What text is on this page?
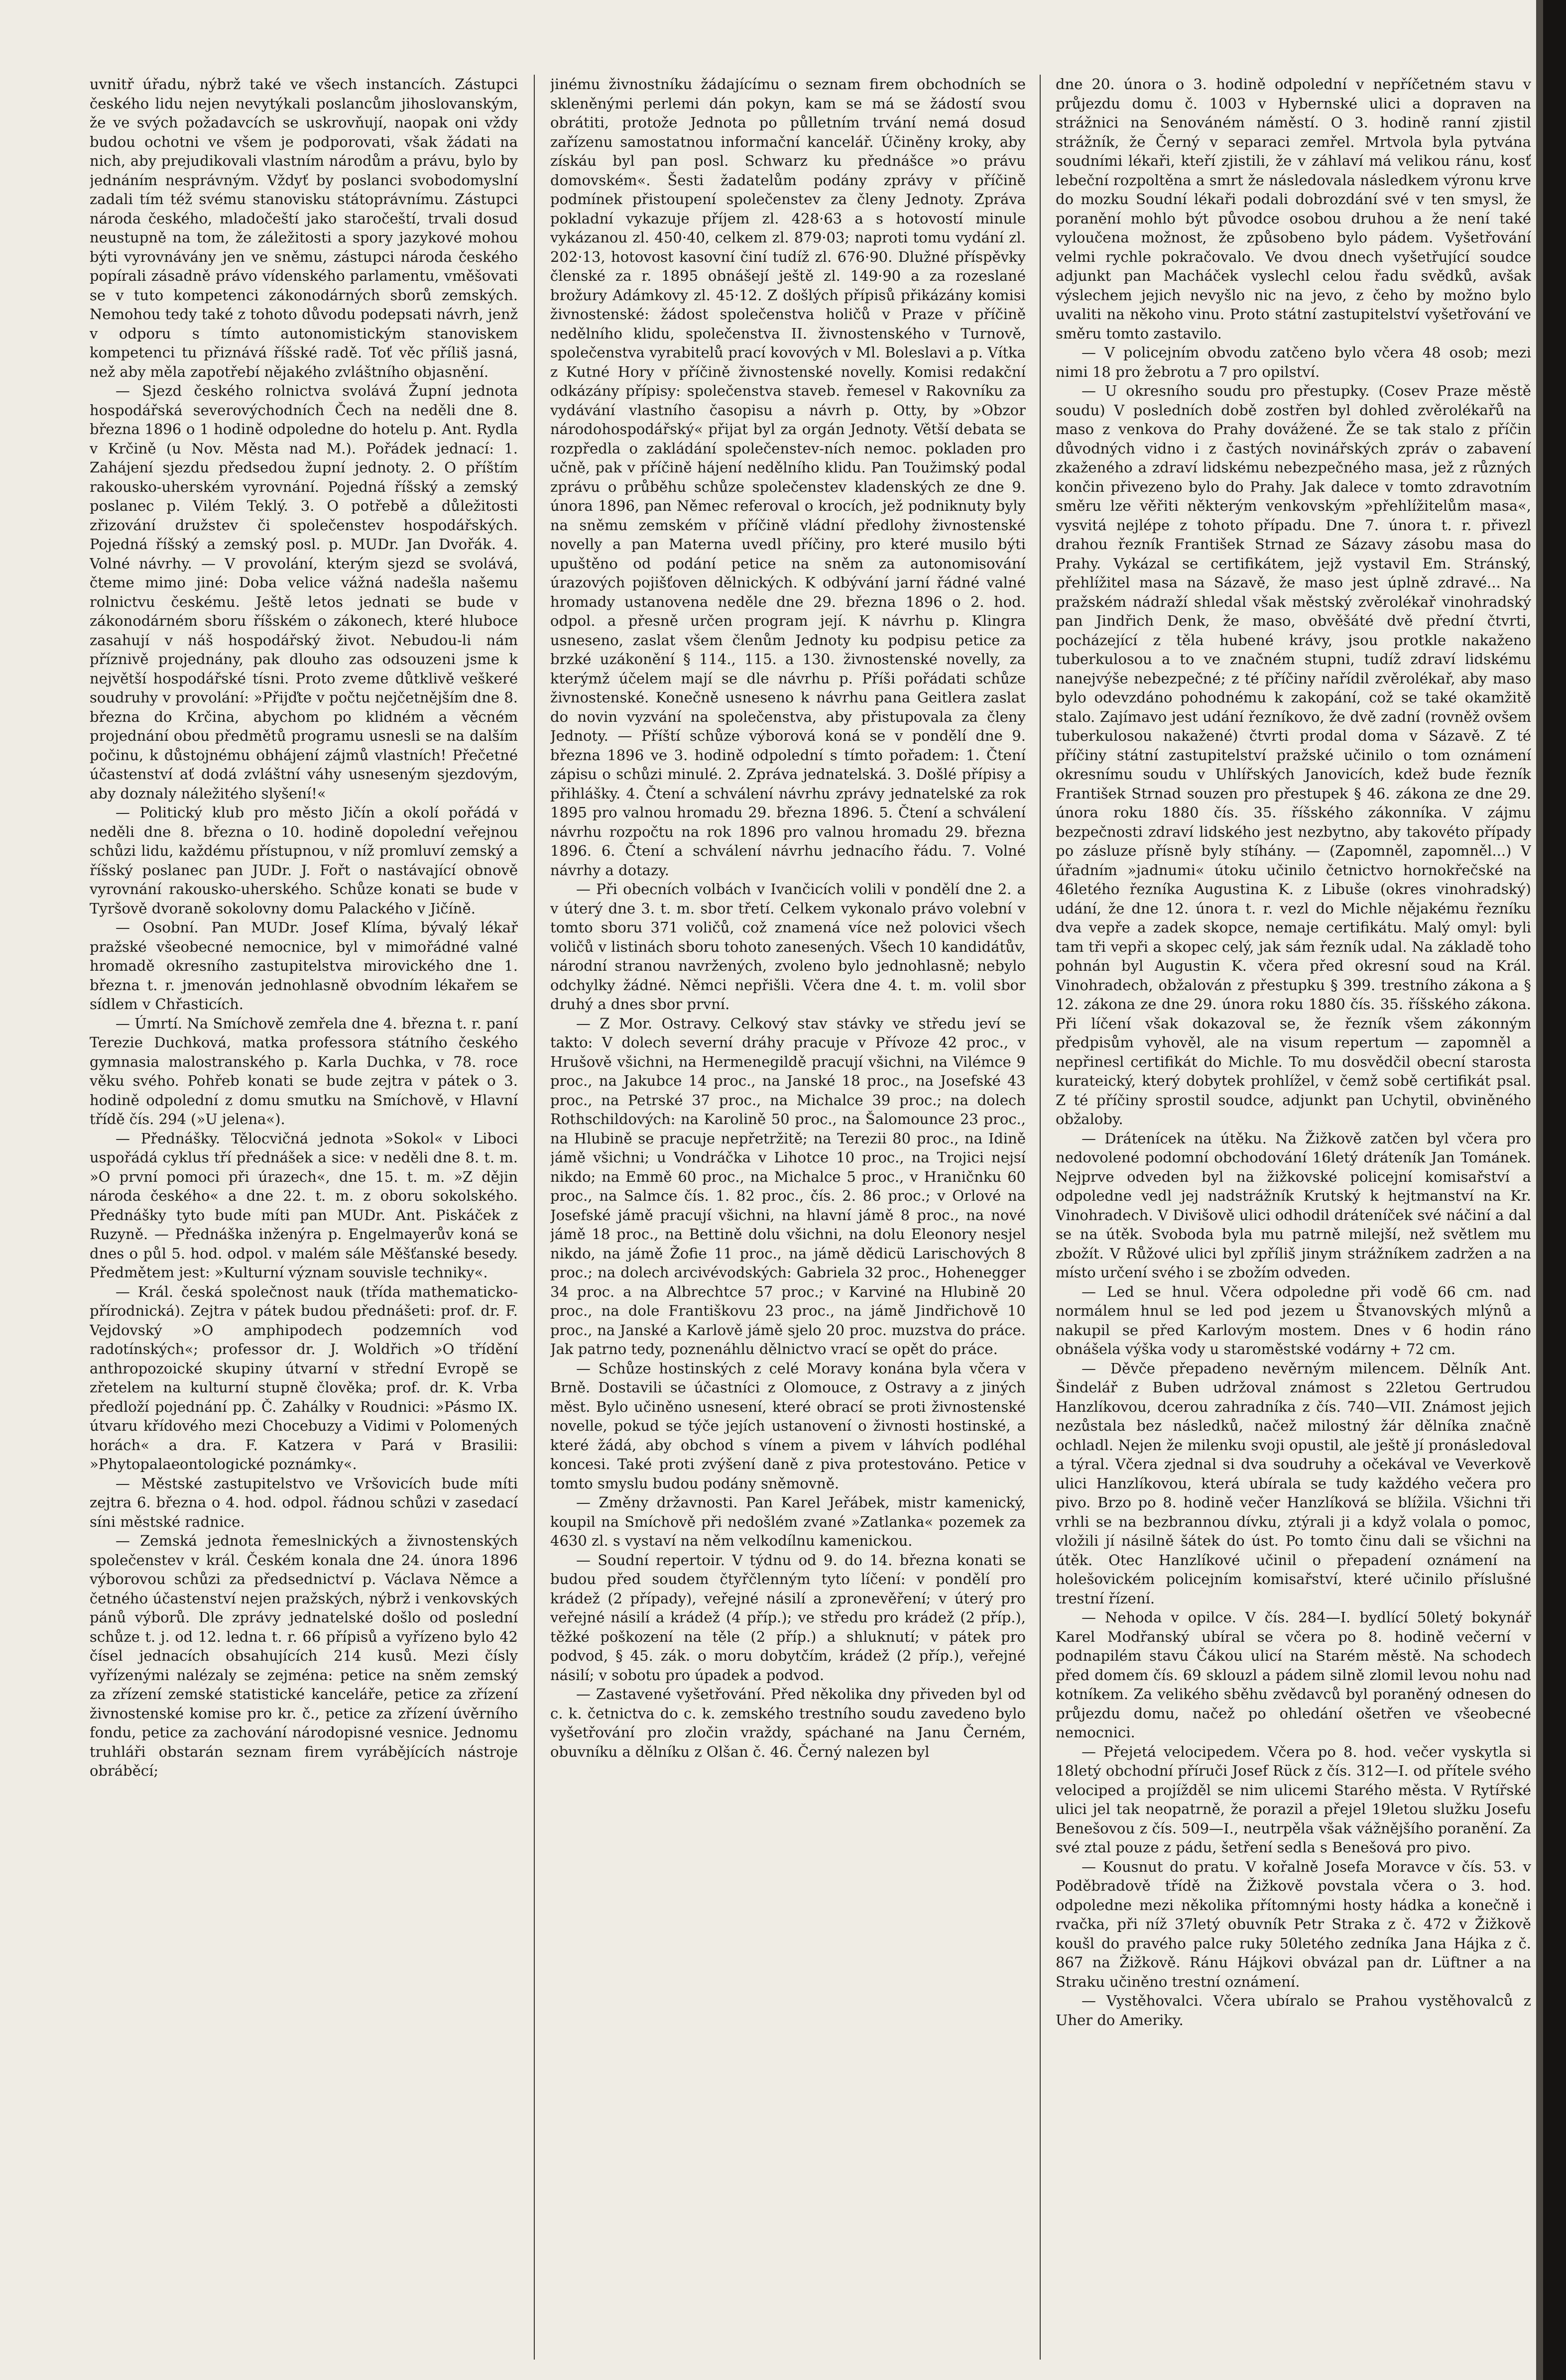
uvnitř úřadu, nýbrž také ve všech instancích. Zástupci českého lidu nejen nevytýkali poslancům jihoslovanským, že ve svých požadavcích se uskrovňují, naopak oni vždy budou ochotni ve všem je podporovati, však žádati na nich, aby prejudikovali vlastním národům a právu, bylo by jednáním nesprávným. Vždyť by poslanci svobodomyslní zadali tím též svému stanovisku státoprávnímu. Zástupci národa českého, mladočeští jako staročeští, trvali dosud neustupně na tom, že záležitosti a spory jazykové mohou býti vyrovnávány jen ve sněmu, zástupci národa českého popírali zásadně právo vídenského parlamentu, vměšovati se v tuto kompetenci zákonodárných sborů zemských. Nemohou tedy také z tohoto důvodu podepsati návrh, jenž v odporu s tímto autonomistickým stanoviskem kompetenci tu přiznává říšské radě. Toť věc příliš jasná, než aby měla zapotřebí nějakého zvláštního objasnění.

— Sjezd českého rolnictva svolává Župní jednota hospodářská severovýchodních Čech na neděli dne 8. března 1896 o 1 hodině odpoledne do hotelu p. Ant. Rydla v Krčině (u Nov. Města nad M.). Pořádek jednací: 1. Zahájení sjezdu předsedou župní jednoty. 2. O příštím rakousko-uherském vyrovnání. Pojedná říšský a zemský poslanec p. Vilém Teklý. 3. O potřebě a důležitosti zřizování družstev či společenstev hospodářských. Pojedná říšský a zemský posl. p. MUDr. Jan Dvořák. 4. Volné návrhy. — V provolání, kterým sjezd se svolává, čteme mimo jiné: Doba velice vážná nadešla našemu rolnictvu českému. Ještě letos jednati se bude v zákonodárném sboru říšském o zákonech, které hluboce zasahují v náš hospodářský život. Nebudou-li nám příznivě projednány, pak dlouho zas odsouzeni jsme k největší hospodářské tísni. Proto zveme důtklivě veškeré soudruhy v provolání: »Přijďte v počtu nejčetnějším dne 8. března do Krčina, abychom po klidném a věcném projednání obou předmětů programu usnesli se na dalším počinu, k důstojnému obhájení zájmů vlastních! Přečetné účastenství ať dodá zvláštní váhy usneseným sjezdovým, aby doznaly náležitého slyšení!«

— Politický klub pro město Jičín a okolí pořádá v neděli dne 8. března o 10. hodině dopolední veřejnou schůzi lidu, každému přístupnou, v níž promluví zemský a říšský poslanec pan JUDr. J. Fořt o nastávající obnově vyrovnání rakousko-uherského. Schůze konati se bude v Tyršově dvoraně sokolovny domu Palackého v Jičíně.

— Osobní. Pan MUDr. Josef Klíma, bývalý lékař pražské všeobecné nemocnice, byl v mimořádné valné hromadě okresního zastupitelstva mirovického dne 1. března t. r. jmenován jednohlasně obvodním lékařem se sídlem v Chřasticích.

— Úmrtí. Na Smíchově zemřela dne 4. března t. r. paní Terezie Duchková, matka professora státního českého gymnasia malostranského p. Karla Duchka, v 78. roce věku svého. Pohřeb konati se bude zejtra v pátek o 3. hodině odpolední z domu smutku na Smíchově, v Hlavní třídě čís. 294 (»U jelena«).

— Přednášky. Tělocvičná jednota »Sokol« v Liboci uspořádá cyklus tří přednášek a sice: v neděli dne 8. t. m. »O první pomoci při úrazech«, dne 15. t. m. »Z dějin národa českého« a dne 22. t. m. z oboru sokolského. Přednášky tyto bude míti pan MUDr. Ant. Piskáček z Ruzyně. — Přednáška inženýra p. Engelmayerův koná se dnes o půl 5. hod. odpol. v malém sále Měšťanské besedy. Předmětem jest: »Kulturní význam souvisle techniky«.

— Král. česká společnost nauk (třída mathematicko-přírodnická). Zejtra v pátek budou přednášeti: prof. dr. F. Vejdovský »O amphipodech podzemních vod radotínských«; professor dr. J. Woldřich »O třídění anthropozoické skupiny útvarní v střední Evropě se zřetelem na kulturní stupně člověka; prof. dr. K. Vrba předloží pojednání pp. Č. Zahálky v Roudnici: »Pásmo IX. útvaru křídového mezi Chocebuzy a Vidimi v Polomených horách« a dra. F. Katzera v Pará v Brasilii: »Phytopalaeontologické poznámky«.

— Městské zastupitelstvo ve Vršovicích bude míti zejtra 6. března o 4. hod. odpol. řádnou schůzi v zasedací síni městské radnice.

— Zemská jednota řemeslnických a živnostenských společenstev v král. Českém konala dne 24. února 1896 výborovou schůzi za předsednictví p. Václava Němce a četného účastenství nejen pražských, nýbrž i venkovských pánů výborů. Dle zprávy jednatelské došlo od poslední schůze t. j. od 12. ledna t. r. 66 přípisů a vyřízeno bylo 42 čísel jednacích obsahujících 214 kusů. Mezi čísly vyřízenými nalézaly se zejména: petice na sněm zemský za zřízení zemské statistické kanceláře, petice za zřízení živnostenské komise pro kr. č., petice za zřízení úvěrního fondu, petice za zachování národopisné vesnice. Jednomu truhláři obstarán seznam firem vyrábějících nástroje obráběcí;

jinému živnostníku žádajícímu o seznam firem obchodních se skleněnými perlemi dán pokyn, kam se má se žádostí svou obrátiti, protože Jednota po půlletním trvání nemá dosud zařízenu samostatnou informační kancelář. Účiněny kroky, aby získáu byl pan posl. Schwarz ku přednášce »o právu domovském«. Šesti žadatelům podány zprávy v příčině podmínek přistoupení společenstev za členy Jednoty. Zpráva pokladní vykazuje příjem zl. 428·63 a s hotovostí minule vykázanou zl. 450·40, celkem zl. 879·03; naproti tomu vydání zl. 202·13, hotovost kasovní činí tudíž zl. 676·90. Dlužné příspěvky členské za r. 1895 obnášejí ještě zl. 149·90 a za rozeslané brožury Adámkovy zl. 45·12. Z došlých přípisů přikázány komisi živnostenské: žádost společenstva holičů v Praze v příčině nedělního klidu, společenstva II. živnostenského v Turnově, společenstva vyrabitelů prací kovových v Ml. Boleslavi a p. Vítka z Kutné Hory v příčině živnostenské novelly. Komisi redakční odkázány přípisy: společenstva staveb. řemesel v Rakovníku za vydávání vlastního časopisu a návrh p. Otty, by »Obzor národohospodářský« přijat byl za orgán Jednoty. Větší debata se rozpředla o zakládání společenstev-ních nemoc. pokladen pro učně, pak v příčině hájení nedělního klidu. Pan Toužimský podal zprávu o průběhu schůze společenstev kladenských ze dne 9. února 1896, pan Němec referoval o krocích, jež podniknuty byly na sněmu zemském v příčině vládní předlohy živnostenské novelly a pan Materna uvedl příčiny, pro které musilo býti upuštěno od podání petice na sněm za autonomisování úrazových pojišťoven dělnických. K odbývání jarní řádné valné hromady ustanovena neděle dne 29. března 1896 o 2. hod. odpol. a přesně určen program její. K návrhu p. Klingra usneseno, zaslat všem členům Jednoty ku podpisu petice za brzké uzákonění § 114., 115. a 130. živnostenské novelly, za kterýmž účelem mají se dle návrhu p. Příši pořádati schůze živnostenské. Konečně usneseno k návrhu pana Geitlera zaslat do novin vyzvání na společenstva, aby přistupovala za členy Jednoty. — Příští schůze výborová koná se v pondělí dne 9. března 1896 ve 3. hodině odpolední s tímto pořadem: 1. Čtení zápisu o schůzi minulé. 2. Zpráva jednatelská. 3. Došlé přípisy a přihlášky. 4. Čtení a schválení návrhu zprávy jednatelské za rok 1895 pro valnou hromadu 29. března 1896. 5. Čtení a schválení návrhu rozpočtu na rok 1896 pro valnou hromadu 29. března 1896. 6. Čtení a schválení návrhu jednacího řádu. 7. Volné návrhy a dotazy.

— Při obecních volbách v Ivančicích volili v pondělí dne 2. a v úterý dne 3. t. m. sbor třetí. Celkem vykonalo právo volební v tomto sboru 371 voličů, což znamená více než polovici všech voličů v listinách sboru tohoto zanesených. Všech 10 kandidátův, národní stranou navržených, zvoleno bylo jednohlasně; nebylo odchylky žádné. Němci nepřišli. Včera dne 4. t. m. volil sbor druhý a dnes sbor první.

— Z Mor. Ostravy. Celkový stav stávky ve středu jeví se takto: V dolech severní dráhy pracuje v Přívoze 42 proc., v Hrušově všichni, na Hermenegildě pracují všichni, na Vilémce 9 proc., na Jakubce 14 proc., na Janské 18 proc., na Josefské 43 proc., na Petrské 37 proc., na Michalce 39 proc.; na dolech Rothschildových: na Karolině 50 proc., na Šalomounce 23 proc., na Hlubině se pracuje nepřetržitě; na Terezii 80 proc., na Idině jámě všichni; u Vondráčka v Lihotce 10 proc., na Trojici nejsí nikdo; na Emmě 60 proc., na Michalce 5 proc., v Hraničnku 60 proc., na Salmce čís. 1. 82 proc., čís. 2. 86 proc.; v Orlové na Josefské jámě pracují všichni, na hlavní jámě 8 proc., na nové jámě 18 proc., na Bettině dolu všichni, na dolu Eleonory nesjel nikdo, na jámě Žofie 11 proc., na jámě dědicü Larischových 8 proc.; na dolech arcivévodských: Gabriela 32 proc., Hohenegger 34 proc. a na Albrechtce 57 proc.; v Karviné na Hlubině 20 proc., na dole Františkovu 23 proc., na jámě Jindřichově 10 proc., na Janské a Karlově jámě sjelo 20 proc. muzstva do práce. Jak patrno tedy, poznenáhlu dělnictvo vrací se opět do práce.

— Schůze hostinských z celé Moravy konána byla včera v Brně. Dostavili se účastníci z Olomouce, z Ostravy a z jiných měst. Bylo učiněno usnesení, které obrací se proti živnostenské novelle, pokud se týče jejích ustanovení o živnosti hostinské, a které žádá, aby obchod s vínem a pivem v láhvích podléhal koncesi. Také proti zvýšení daně z piva protestováno. Petice v tomto smyslu budou podány sněmovně.

— Změny državnosti. Pan Karel Jeřábek, mistr kamenický, koupil na Smíchově při nedošlém zvané »Zatlanka« pozemek za 4630 zl. s vystaví na něm velkodílnu kamenickou.

— Soudní repertoir. V týdnu od 9. do 14. března konati se budou před soudem čtyřčlenným tyto líčení: v pondělí pro krádež (2 případy), veřejné násilí a zpronevěření; v úterý pro veřejné násilí a krádež (4 příp.); ve středu pro krádež (2 příp.), těžké poškození na těle (2 příp.) a shluknutí; v pátek pro podvod, § 45. zák. o moru dobytčím, krádež (2 příp.), veřejné násilí; v sobotu pro úpadek a podvod.

— Zastavené vyšetřování. Před několika dny přiveden byl od c. k. četnictva do c. k. zemského trestního soudu zavedeno bylo vyšetřování pro zločin vraždy, spáchané na Janu Černém, obuvníku a dělníku z Olšan č. 46. Černý nalezen byl

dne 20. února o 3. hodině odpolední v nepříčetném stavu v průjezdu domu č. 1003 v Hybernské ulici a dopraven na strážnici na Senováném náměstí. O 3. hodině ranní zjistil strážník, že Černý v separaci zemřel. Mrtvola byla pytvána soudními lékaři, kteří zjistili, že v záhlaví má velikou ránu, kosť lebeční rozpoltěna a smrt že následovala následkem výronu krve do mozku Soudní lékaři podali dobrozdání své v ten smysl, že poranění mohlo být původce osobou druhou a že není také vyloučena možnost, že způsobeno bylo pádem. Vyšetřování velmi rychle pokračovalo. Ve dvou dnech vyšetřující soudce adjunkt pan Macháček vyslechl celou řadu svědků, avšak výslechem jejich nevyšlo nic na jevo, z čeho by možno bylo uvaliti na někoho vinu. Proto státní zastupitelství vyšetřování ve směru tomto zastavilo.

— V policejním obvodu zatčeno bylo včera 48 osob; mezi nimi 18 pro žebrotu a 7 pro opilství.

— U okresního soudu pro přestupky. (Cosev Praze městě soudu) V posledních době zostřen byl dohled zvěrolékařů na maso z venkova do Prahy dovážené. Že se tak stalo z příčin důvodných vidno i z častých novinářských zpráv o zabavení zkaženého a zdraví lidskému nebezpečného masa, jež z různých končin přivezeno bylo do Prahy. Jak dalece v tomto zdravotním směru lze věřiti některým venkovským »přehlížitelům masa«, vysvitá nejlépe z tohoto případu. Dne 7. února t. r. přivezl drahou řezník František Strnad ze Sázavy zásobu masa do Prahy. Vykázal se certifikátem, jejž vystavil Em. Stránský, přehlížitel masa na Sázavě, že maso jest úplně zdravé... Na pražském nádraží shledal však městský zvěrolékař vinohradský pan Jindřich Denk, že maso, obvěšáté dvě přední čtvrti, pocházející z těla hubené krávy, jsou protkle nakaženo tuberkulosou a to ve značném stupni, tudíž zdraví lidskému nanejvýše nebezpečné; z té příčiny nařídil zvěrolékař, aby maso bylo odevzdáno pohodnému k zakopání, což se také okamžitě stalo. Zajímavo jest udání řezníkovo, že dvě zadní (rovněž ovšem tuberkulosou nakažené) čtvrti prodal doma v Sázavě. Z té příčiny státní zastupitelství pražské učinilo o tom oznámení okresnímu soudu v Uhlířských Janovicích, kdež bude řezník František Strnad souzen pro přestupek § 46. zákona ze dne 29. února roku 1880 čís. 35. říšského zákonníka. V zájmu bezpečnosti zdraví lidského jest nezbytno, aby takovéto případy po zásluze přísně byly stíhány. — (Zapomněl, zapomněl...) V úřadním »jadnumi« útoku učinilo četnictvo hornokřečské na 46letého řezníka Augustina K. z Libuše (okres vinohradský) udání, že dne 12. února t. r. vezl do Michle nějakému řezníku dva vepře a zadek skopce, nemaje certifikátu. Malý omyl: byli tam tři vepři a skopec celý, jak sám řezník udal. Na základě toho pohnán byl Augustin K. včera před okresní soud na Král. Vinohradech, obžalován z přestupku § 399. trestního zákona a § 12. zákona ze dne 29. února roku 1880 čís. 35. říšského zákona. Při líčení však dokazoval se, že řezník všem zákonným předpisům vyhověl, ale na visum repertum — zapomněl a nepřinesl certifikát do Michle. To mu dosvědčil obecní starosta kurateický, který dobytek prohlížel, v čemž sobě certifikát psal. Z té příčiny sprostil soudce, adjunkt pan Uchytil, obviněného obžaloby.

— Drátenícek na útěku. Na Žižkově zatčen byl včera pro nedovolené podomní obchodování 16letý dráteník Jan Tománek. Nejprve odveden byl na žižkovské policejní komisařství a odpoledne vedl jej nadstrážník Krutský k hejtmanství na Kr. Vinohradech. V Divišově ulici odhodil dráteníček své náčiní a dal se na útěk. Svoboda byla mu patrně milejší, než světlem mu zbožít. V Růžové ulici byl zpříliš jinym strážníkem zadržen a na místo určení svého i se zbožím odveden.

— Led se hnul. Včera odpoledne při vodě 66 cm. nad normálem hnul se led pod jezem u Štvanovských mlýnů a nakupil se před Karlovým mostem. Dnes v 6 hodin ráno obnášela výška vody u staroměstské vodárny + 72 cm.

— Děvče přepadeno nevěrným milencem. Dělník Ant. Šindelář z Buben udržoval známost s 22letou Gertrudou Hanzlíkovou, dcerou zahradníka z čís. 740—VII. Známost jejich nezůstala bez následků, načež milostný žár dělníka značně ochladl. Nejen že milenku svoji opustil, ale ještě jí pronásledoval a týral. Včera zjednal si dva soudruhy a očekával ve Veverkově ulici Hanzlíkovou, která ubírala se tudy každého večera pro pivo. Brzo po 8. hodině večer Hanzlíková se blížila. Všichni tři vrhli se na bezbrannou dívku, ztýrali ji a když volala o pomoc, vložili jí násilně šátek do úst. Po tomto činu dali se všichni na útěk. Otec Hanzlíkové učinil o přepadení oznámení na holešovickém policejním komisařství, které učinilo příslušné trestní řízení.

— Nehoda v opilce. V čís. 284—I. bydlící 50letý bokynář Karel Modřanský ubíral se včera po 8. hodině večerní v podnapilém stavu Čákou ulicí na Starém městě. Na schodech před domem čís. 69 sklouzl a pádem silně zlomil levou nohu nad kotníkem. Za velikého sběhu zvědavců byl poraněný odnesen do průjezdu domu, načež po ohledání ošetřen ve všeobecné nemocnici.

— Přejetá velocipedem. Včera po 8. hod. večer vyskytla si 18letý obchodní příruči Josef Rück z čís. 312—I. od přítele svého velociped a projížděl se nim ulicemi Starého města. V Rytířské ulici jel tak neopatrně, že porazil a přejel 19letou služku Josefu Benešovou z čís. 509—I., neutrpěla však vážnějšího poranění. Za své ztal pouze z pádu, šetření sedla s Benešová pro pivo.

— Kousnut do pratu. V kořalně Josefa Moravce v čís. 53. v Poděbradově třídě na Žižkově povstala včera o 3. hod. odpoledne mezi několika přítomnými hosty hádka a konečně i rvačka, při níž 37letý obuvník Petr Straka z č. 472 v Žižkově koušl do pravého palce ruky 50letého zedníka Jana Hájka z č. 867 na Žižkově. Ránu Hájkovi obvázal pan dr. Lüftner a na Straku učiněno trestní oznámení.

— Vystěhovalci. Včera ubíralo se Prahou vystěhovalců z Uher do Ameriky.
